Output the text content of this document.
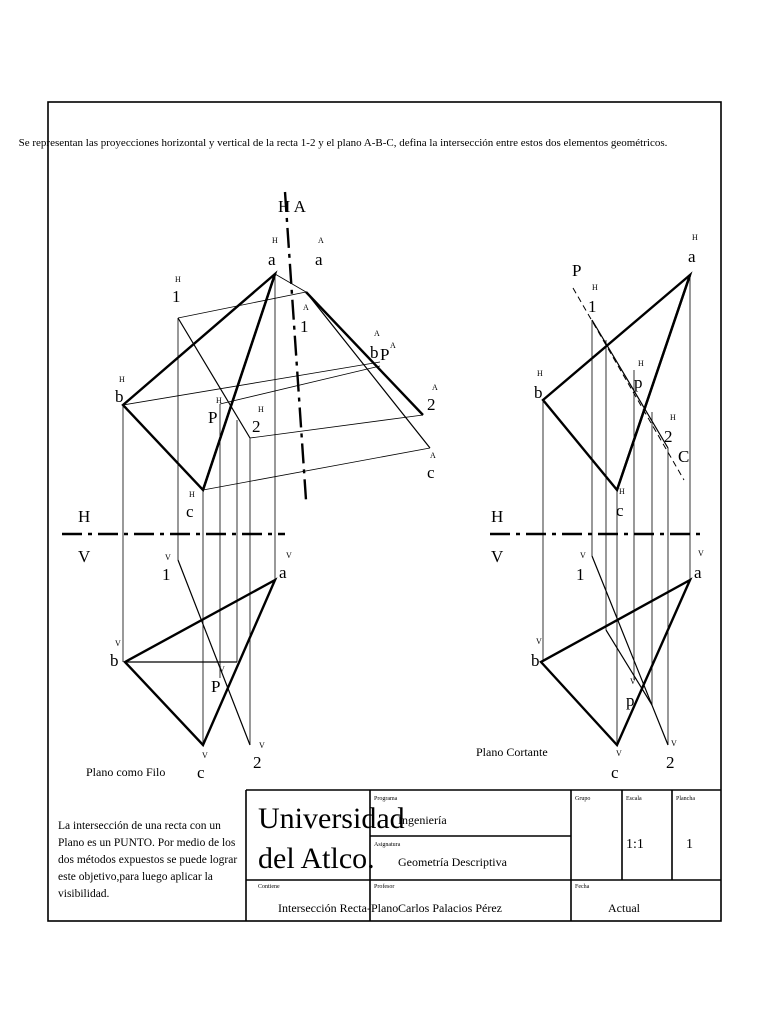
Se representan las proyecciones horizontal y vertical de la recta 1-2 y el plano A-B-C, defina la intersección entre estos dos elementos geométricos.
H A
a
H
a
A
1
H
1
A
b
A
P A
b
H
P
H
2
H	2
A
c
H
c
A
H
V
1
V
a
V
b
V
P
V
2
V
c
V
Plano como Filo
P
C
a
H
1
H
b
H	p
H
2
H
c
H
H
V
1
V
a
V
b
V
p
V
2
V
c
V
Plano Cortante
Universidad
del Atlco.
Programa
Ingeniería
Asignatura
Geometría Descriptiva
Contiene
Intersección Recta-Plano
Profesor
Carlos Palacios Pérez
Grupo	Escala
1:1
Plancha
1
Fecha
Actual
La intersección de una recta con un Plano es un PUNTO. Por medio de los dos métodos expuestos se puede lograr este objetivo,para luego aplicar la visibilidad.
